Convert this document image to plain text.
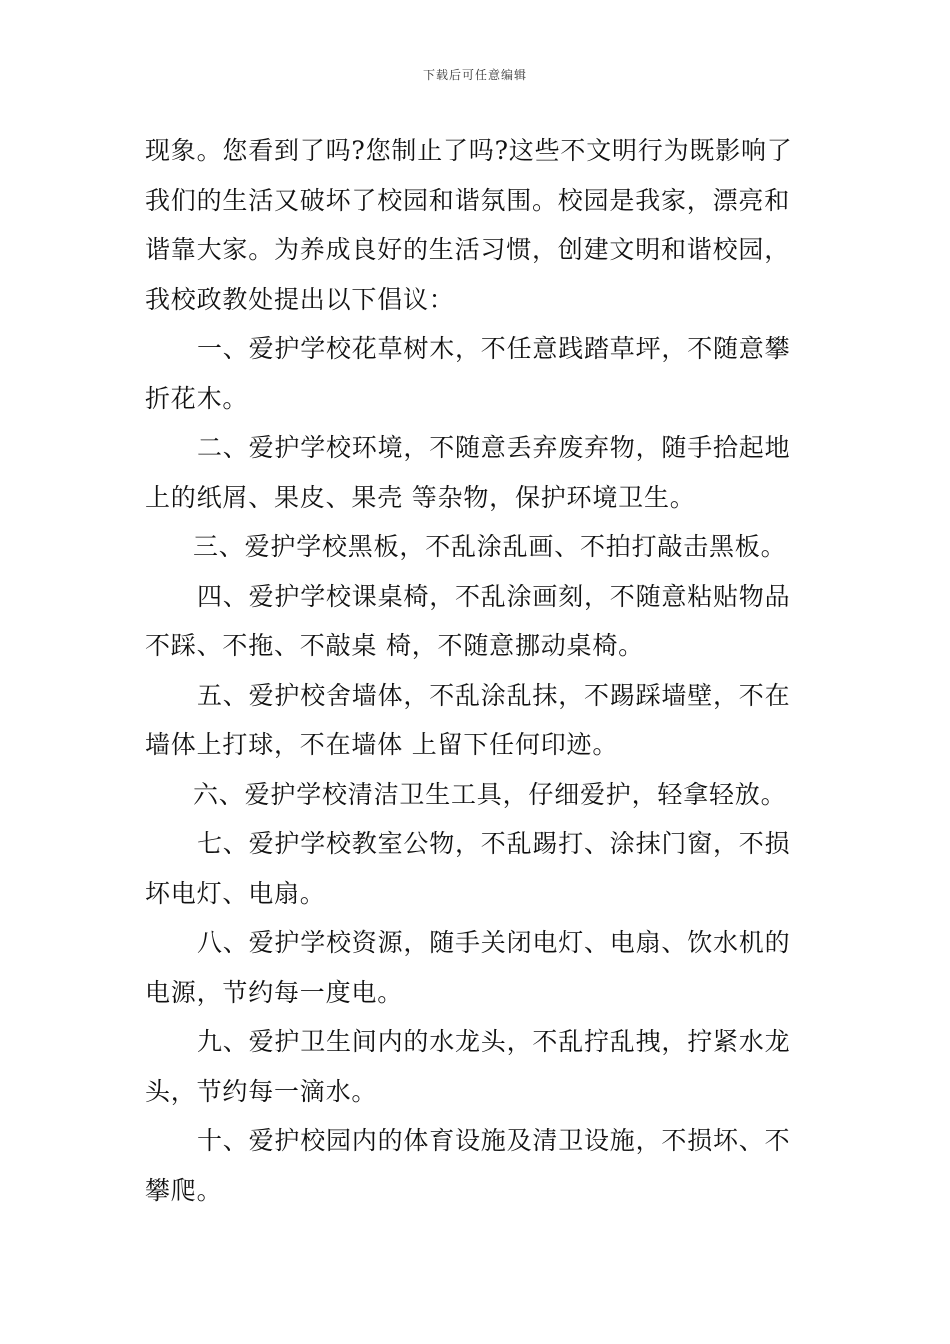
下载后可任意编辑
现象。您看到了吗?您制止了吗?这些不文明行为既影响了
我们的生活又破坏了校园和谐氛围。校园是我家，漂亮和
谐靠大家。为养成良好的生活习惯，创建文明和谐校园，
我校政教处提出以下倡议：
一、爱护学校花草树木，不任意践踏草坪，不随意攀
折花木。
二、爱护学校环境，不随意丢弃废弃物，随手拾起地
上的纸屑、果皮、果壳 等杂物，保护环境卫生。
三、爱护学校黑板，不乱涂乱画、不拍打敲击黑板。
四、爱护学校课桌椅，不乱涂画刻，不随意粘贴物品
不踩、不拖、不敲桌 椅，不随意挪动桌椅。
五、爱护校舍墙体，不乱涂乱抹，不踢踩墙壁，不在
墙体上打球，不在墙体 上留下任何印迹。
六、爱护学校清洁卫生工具，仔细爱护，轻拿轻放。
七、爱护学校教室公物，不乱踢打、涂抹门窗，不损
坏电灯、电扇。
八、爱护学校资源，随手关闭电灯、电扇、饮水机的
电源，节约每一度电。
九、爱护卫生间内的水龙头，不乱拧乱拽，拧紧水龙
头，节约每一滴水。
十、爱护校园内的体育设施及清卫设施，不损坏、不
攀爬。
